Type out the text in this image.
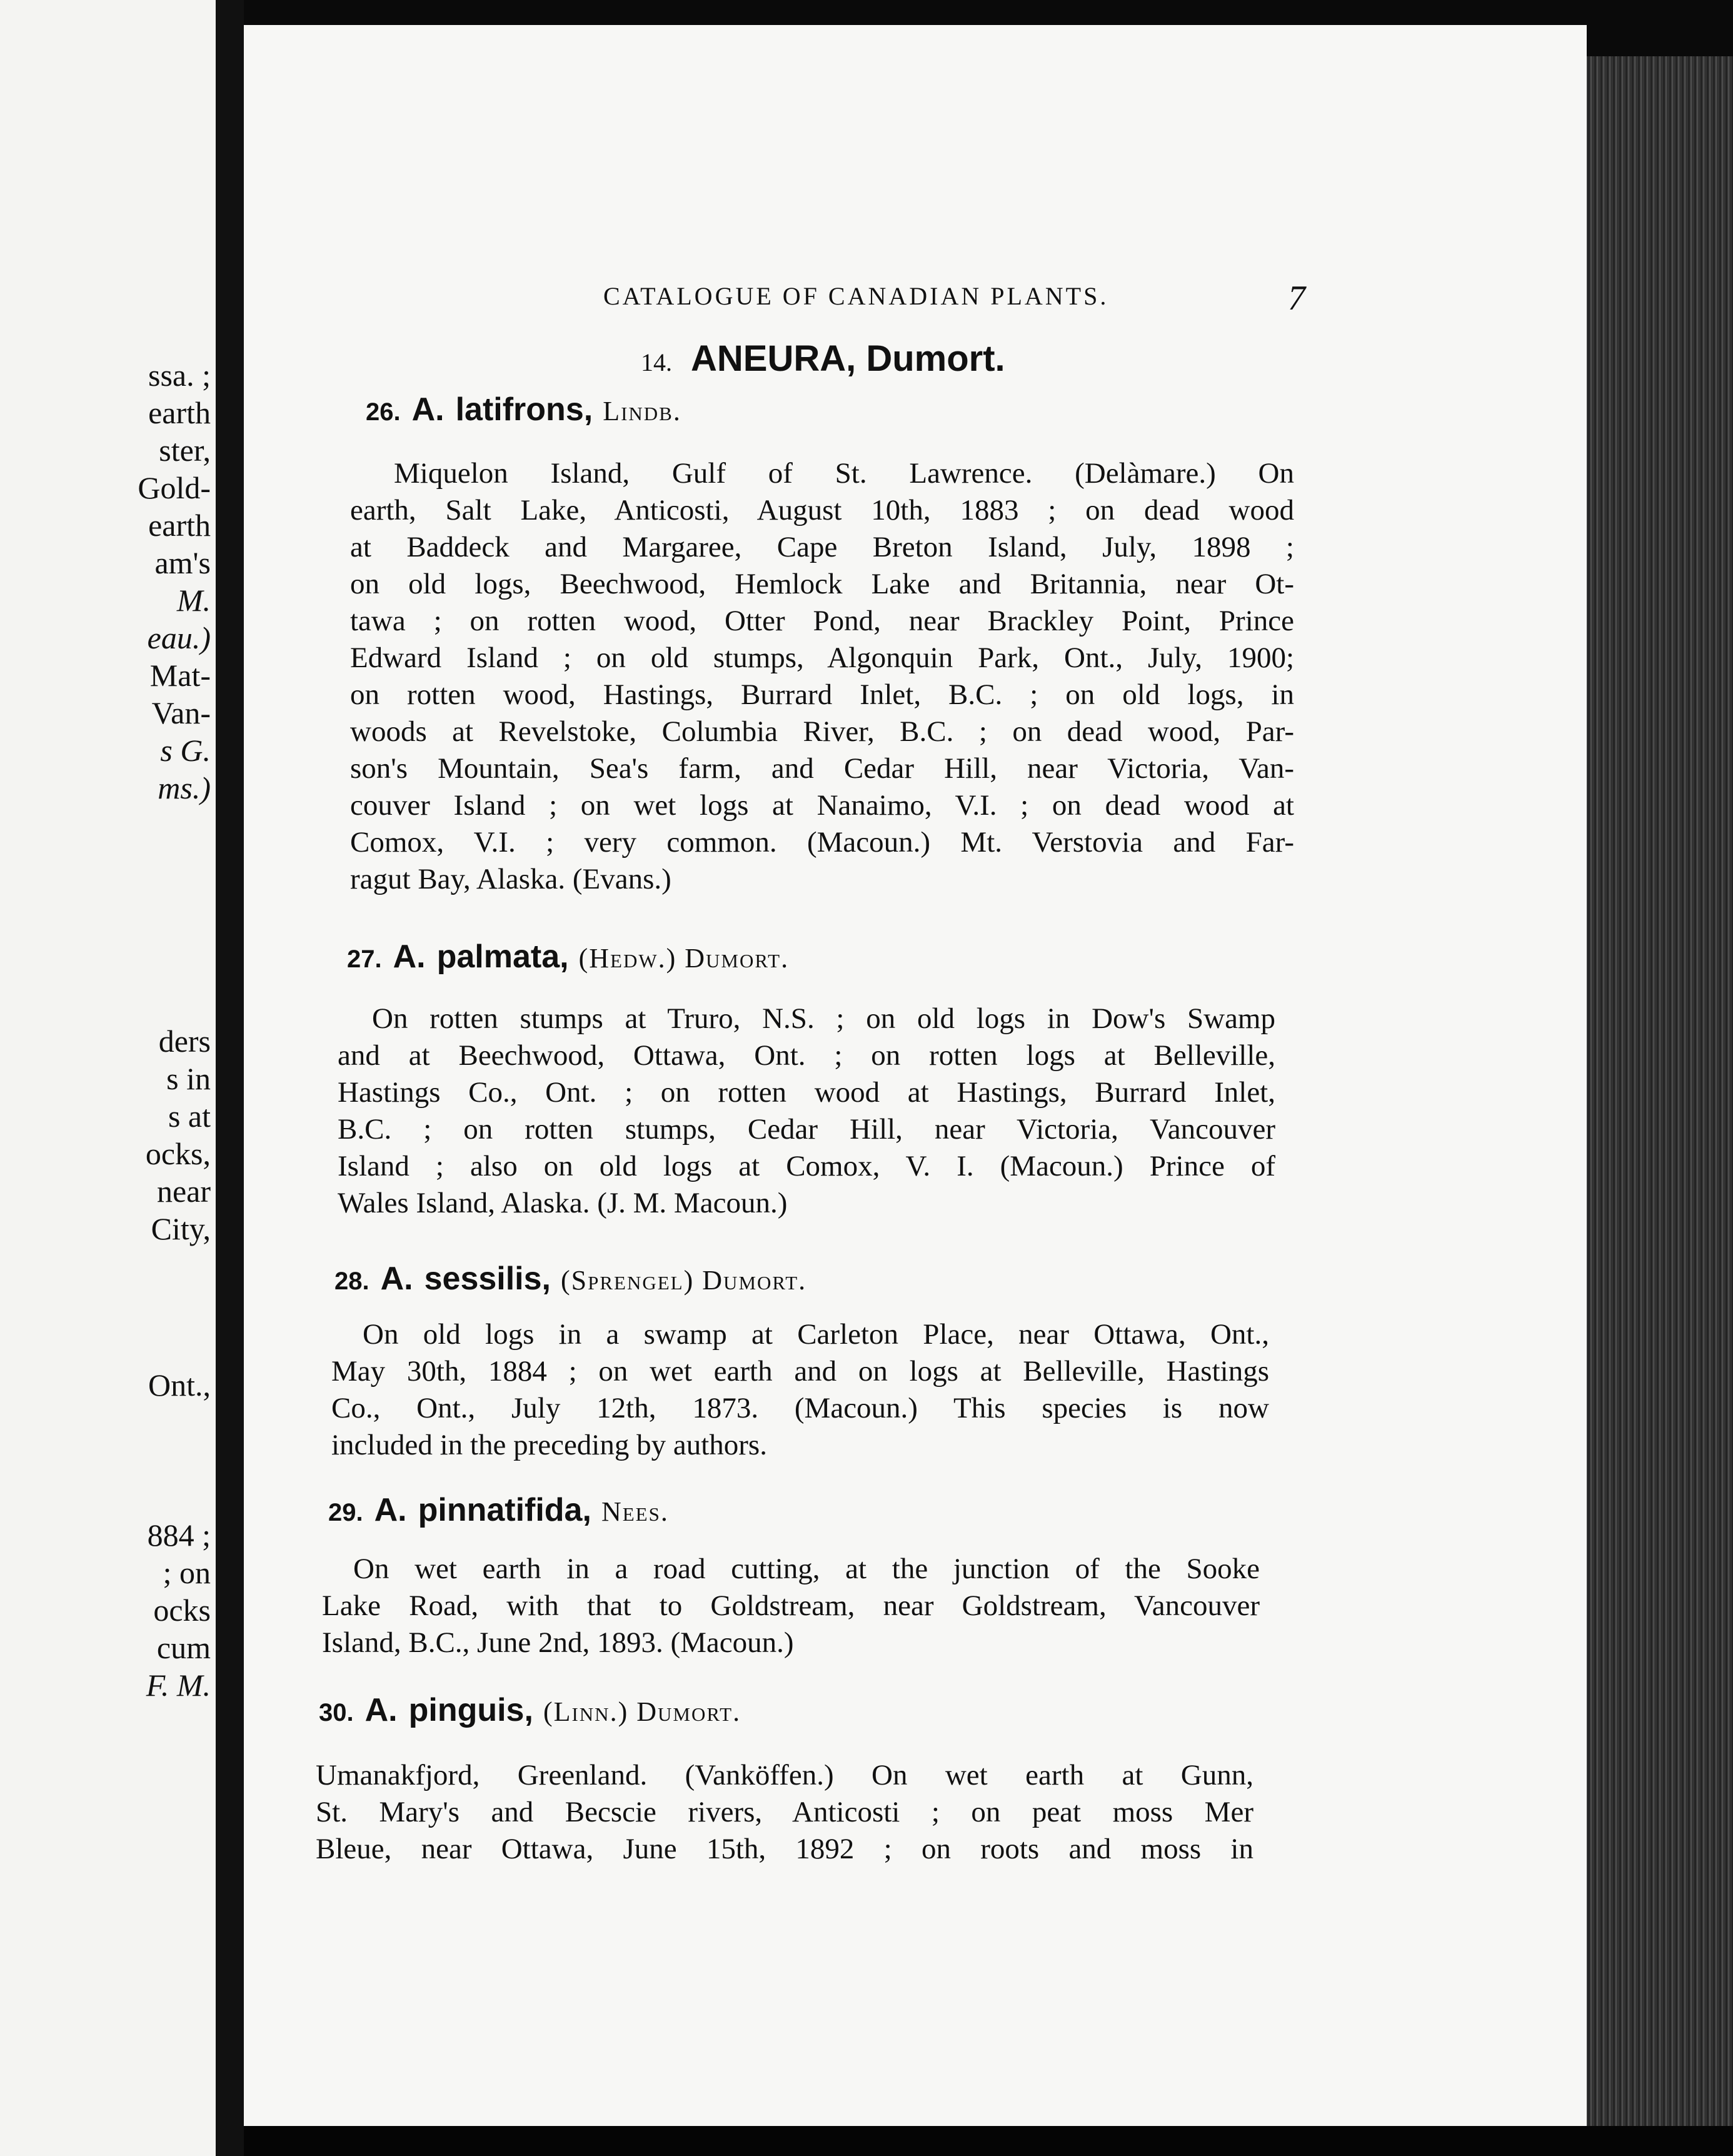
ssa. ;
earth
ster,
Gold-
earth
am's
M.
eau.)
Mat-
Van-
s G.
ms.)
ders
s in
s at
ocks,
near
City,
Ont.,
884 ;
; on
ocks
cum
F. M.
CATALOGUE OF CANADIAN PLANTS.	7
14. ANEURA, Dumort.
26. A. latifrons, Lindb.
Miquelon Island, Gulf of St. Lawrence. (Delàmare.) On
earth, Salt Lake, Anticosti, August 10th, 1883 ; on dead wood
at Baddeck and Margaree, Cape Breton Island, July, 1898 ;
on old logs, Beechwood, Hemlock Lake and Britannia, near Ot-
tawa ; on rotten wood, Otter Pond, near Brackley Point, Prince
Edward Island ; on old stumps, Algonquin Park, Ont., July, 1900;
on rotten wood, Hastings, Burrard Inlet, B.C. ; on old logs, in
woods at Revelstoke, Columbia River, B.C. ; on dead wood, Par-
son's Mountain, Sea's farm, and Cedar Hill, near Victoria, Van-
couver Island ; on wet logs at Nanaimo, V.I. ; on dead wood at
Comox, V.I. ; very common. (Macoun.) Mt. Verstovia and Far-
ragut Bay, Alaska. (Evans.)
27. A. palmata, (Hedw.) Dumort.
On rotten stumps at Truro, N.S. ; on old logs in Dow's Swamp
and at Beechwood, Ottawa, Ont. ; on rotten logs at Belleville,
Hastings Co., Ont. ; on rotten wood at Hastings, Burrard Inlet,
B.C. ; on rotten stumps, Cedar Hill, near Victoria, Vancouver
Island ; also on old logs at Comox, V. I. (Macoun.) Prince of
Wales Island, Alaska. (J. M. Macoun.)
28. A. sessilis, (Sprengel) Dumort.
On old logs in a swamp at Carleton Place, near Ottawa, Ont.,
May 30th, 1884 ; on wet earth and on logs at Belleville, Hastings
Co., Ont., July 12th, 1873. (Macoun.) This species is now
included in the preceding by authors.
29. A. pinnatifida, Nees.
On wet earth in a road cutting, at the junction of the Sooke
Lake Road, with that to Goldstream, near Goldstream, Vancouver
Island, B.C., June 2nd, 1893. (Macoun.)
30. A. pinguis, (Linn.) Dumort.
Umanakfjord, Greenland. (Vanköffen.) On wet earth at Gunn,
St. Mary's and Becscie rivers, Anticosti ; on peat moss Mer
Bleue, near Ottawa, June 15th, 1892 ; on roots and moss in
